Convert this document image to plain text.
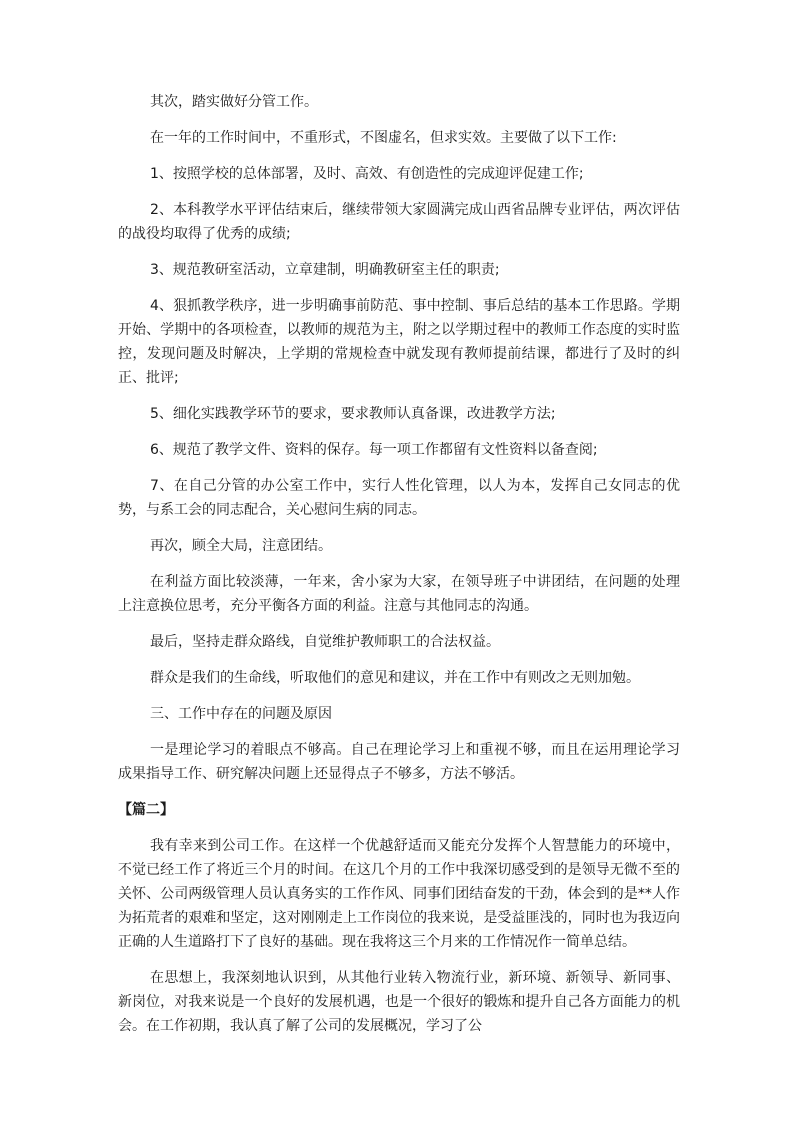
其次，踏实做好分管工作。

在一年的工作时间中，不重形式，不图虚名，但求实效。主要做了以下工作:

1、按照学校的总体部署，及时、高效、有创造性的完成迎评促建工作;

2、本科教学水平评估结束后，继续带领大家圆满完成山西省品牌专业评估，两次评估的战役均取得了优秀的成绩;

3、规范教研室活动，立章建制，明确教研室主任的职责;

4、狠抓教学秩序，进一步明确事前防范、事中控制、事后总结的基本工作思路。学期开始、学期中的各项检查，以教师的规范为主，附之以学期过程中的教师工作态度的实时监控，发现问题及时解决，上学期的常规检查中就发现有教师提前结课，都进行了及时的纠正、批评;

5、细化实践教学环节的要求，要求教师认真备课，改进教学方法;

6、规范了教学文件、资料的保存。每一项工作都留有文性资料以备查阅;

7、在自己分管的办公室工作中，实行人性化管理，以人为本，发挥自己女同志的优势，与系工会的同志配合，关心慰问生病的同志。

再次，顾全大局，注意团结。

在利益方面比较淡薄，一年来，舍小家为大家，在领导班子中讲团结，在问题的处理上注意换位思考，充分平衡各方面的利益。注意与其他同志的沟通。

最后，坚持走群众路线，自觉维护教师职工的合法权益。

群众是我们的生命线，听取他们的意见和建议，并在工作中有则改之无则加勉。

三、工作中存在的问题及原因

一是理论学习的着眼点不够高。自己在理论学习上和重视不够，而且在运用理论学习成果指导工作、研究解决问题上还显得点子不够多，方法不够活。

【篇二】

我有幸来到公司工作。在这样一个优越舒适而又能充分发挥个人智慧能力的环境中，不觉已经工作了将近三个月的时间。在这几个月的工作中我深切感受到的是领导无微不至的关怀、公司两级管理人员认真务实的工作作风、同事们团结奋发的干劲，体会到的是**人作为拓荒者的艰难和坚定，这对刚刚走上工作岗位的我来说，是受益匪浅的，同时也为我迈向正确的人生道路打下了良好的基础。现在我将这三个月来的工作情况作一简单总结。

在思想上，我深刻地认识到，从其他行业转入物流行业，新环境、新领导、新同事、新岗位，对我来说是一个良好的发展机遇，也是一个很好的锻炼和提升自己各方面能力的机会。在工作初期，我认真了解了公司的发展概况，学习了公
